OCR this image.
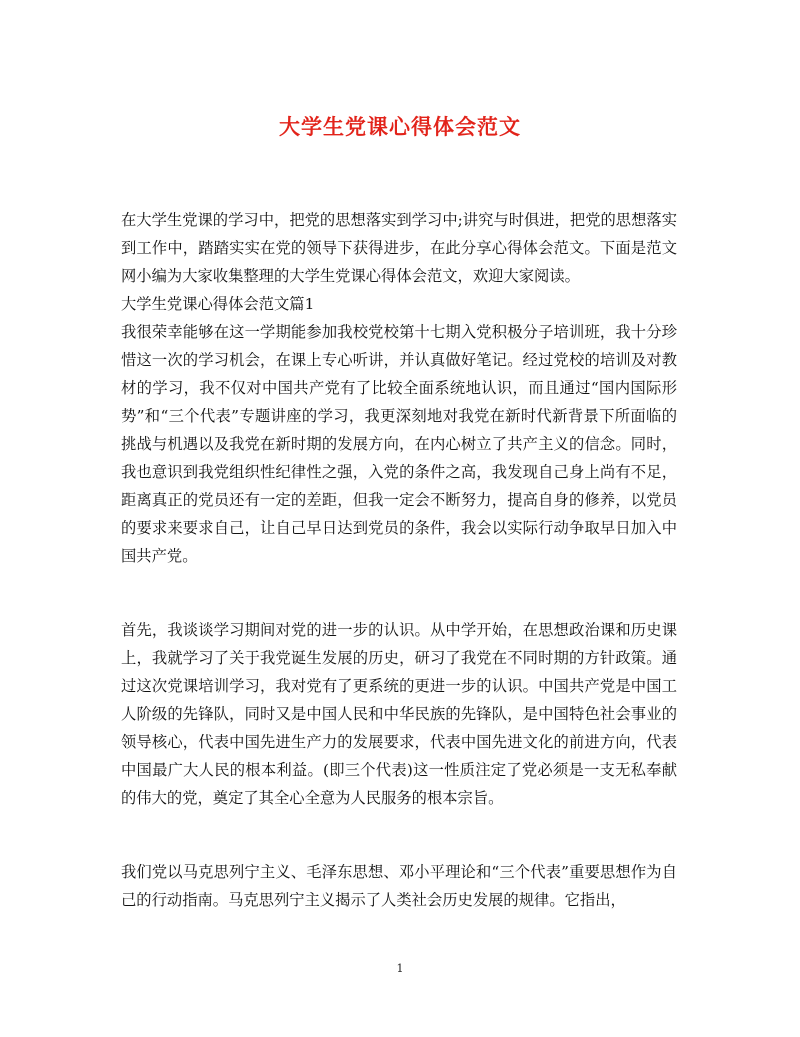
大学生党课心得体会范文

在大学生党课的学习中，把党的思想落实到学习中;讲究与时俱进，把党的思想落实到工作中，踏踏实实在党的领导下获得进步，在此分享心得体会范文。下面是范文网小编为大家收集整理的大学生党课心得体会范文，欢迎大家阅读。

大学生党课心得体会范文篇1

我很荣幸能够在这一学期能参加我校党校第十七期入党积极分子培训班，我十分珍惜这一次的学习机会，在课上专心听讲，并认真做好笔记。经过党校的培训及对教材的学习，我不仅对中国共产党有了比较全面系统地认识，而且通过“国内国际形势”和“三个代表”专题讲座的学习，我更深刻地对我党在新时代新背景下所面临的挑战与机遇以及我党在新时期的发展方向，在内心树立了共产主义的信念。同时，我也意识到我党组织性纪律性之强，入党的条件之高，我发现自己身上尚有不足，距离真正的党员还有一定的差距，但我一定会不断努力，提高自身的修养，以党员的要求来要求自己，让自己早日达到党员的条件，我会以实际行动争取早日加入中国共产党。

首先，我谈谈学习期间对党的进一步的认识。从中学开始，在思想政治课和历史课上，我就学习了关于我党诞生发展的历史，研习了我党在不同时期的方针政策。通过这次党课培训学习，我对党有了更系统的更进一步的认识。中国共产党是中国工人阶级的先锋队，同时又是中国人民和中华民族的先锋队，是中国特色社会事业的领导核心，代表中国先进生产力的发展要求，代表中国先进文化的前进方向，代表中国最广大人民的根本利益。(即三个代表)这一性质注定了党必须是一支无私奉献的伟大的党，奠定了其全心全意为人民服务的根本宗旨。

我们党以马克思列宁主义、毛泽东思想、邓小平理论和“三个代表”重要思想作为自己的行动指南。马克思列宁主义揭示了人类社会历史发展的规律。它指出，

1
